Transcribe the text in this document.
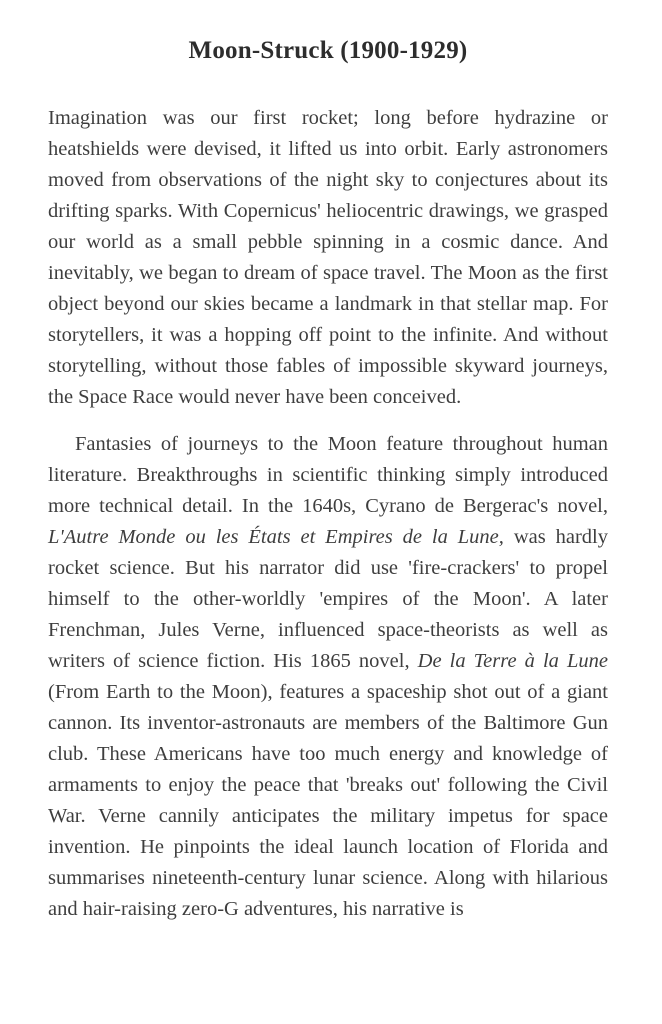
Moon-Struck (1900-1929)

Imagination was our first rocket; long before hydrazine or heatshields were devised, it lifted us into orbit. Early astronomers moved from observations of the night sky to conjectures about its drifting sparks. With Copernicus' heliocentric drawings, we grasped our world as a small pebble spinning in a cosmic dance. And inevitably, we began to dream of space travel. The Moon as the first object beyond our skies became a landmark in that stellar map. For storytellers, it was a hopping off point to the infinite. And without storytelling, without those fables of impossible skyward journeys, the Space Race would never have been conceived.

Fantasies of journeys to the Moon feature throughout human literature. Breakthroughs in scientific thinking simply introduced more technical detail. In the 1640s, Cyrano de Bergerac's novel, L'Autre Monde ou les États et Empires de la Lune, was hardly rocket science. But his narrator did use 'fire-crackers' to propel himself to the other-worldly 'empires of the Moon'. A later Frenchman, Jules Verne, influenced space-theorists as well as writers of science fiction. His 1865 novel, De la Terre à la Lune (From Earth to the Moon), features a spaceship shot out of a giant cannon. Its inventor-astronauts are members of the Baltimore Gun club. These Americans have too much energy and knowledge of armaments to enjoy the peace that 'breaks out' following the Civil War. Verne cannily anticipates the military impetus for space invention. He pinpoints the ideal launch location of Florida and summarises nineteenth-century lunar science. Along with hilarious and hair-raising zero-G adventures, his narrative is
